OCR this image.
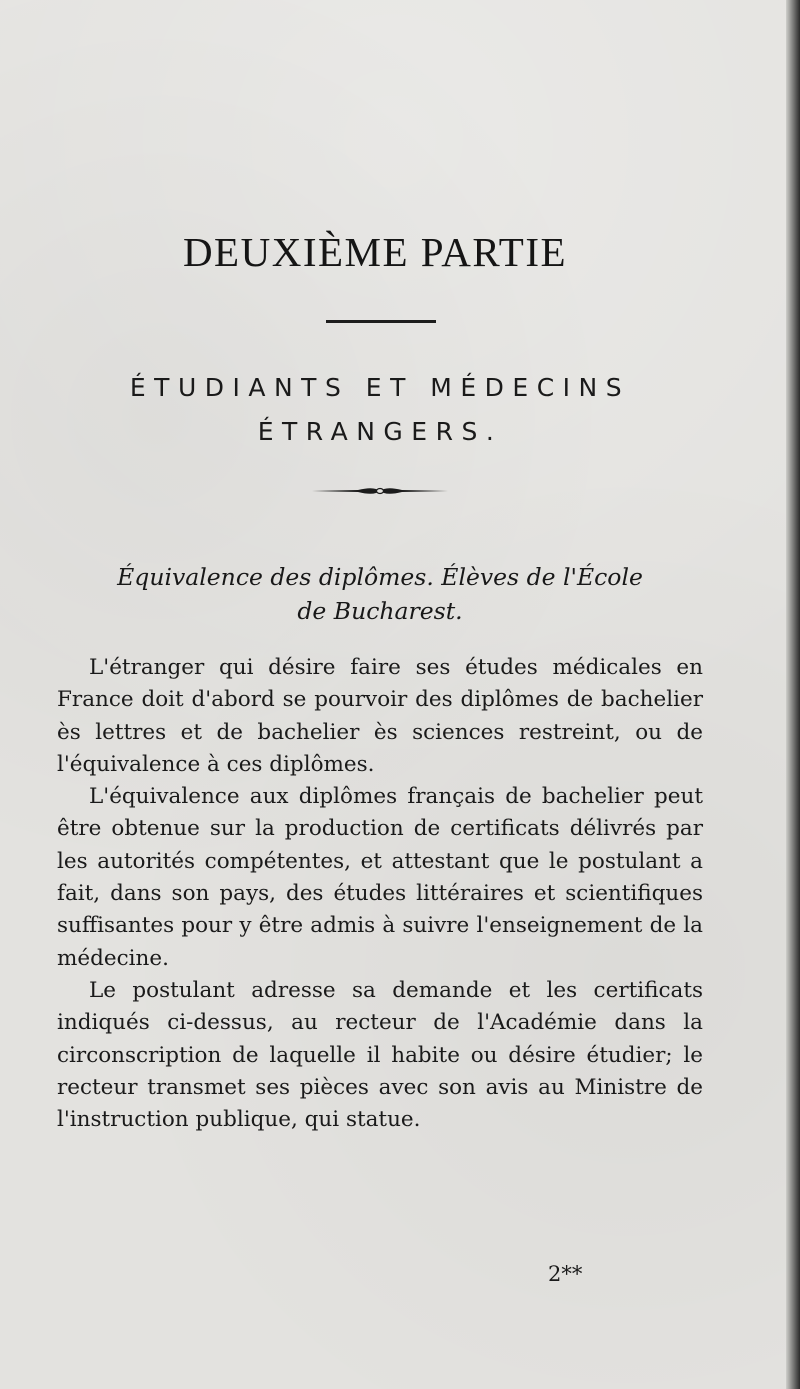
DEUXIÈME PARTIE
ÉTUDIANTS ET MÉDECINS
ÉTRANGERS.
Équivalence des diplômes. Élèves de l'École
de Bucharest.

L'étranger qui désire faire ses études médicales en France doit d'abord se pourvoir des diplômes de bachelier ès lettres et de bachelier ès sciences restreint, ou de l'équivalence à ces diplômes.

L'équivalence aux diplômes français de bachelier peut être obtenue sur la production de certificats délivrés par les autorités compétentes, et attestant que le postulant a fait, dans son pays, des études littéraires et scientifiques suffisantes pour y être admis à suivre l'enseignement de la médecine.

Le postulant adresse sa demande et les certificats indiqués ci-dessus, au recteur de l'Académie dans la circonscription de laquelle il habite ou désire étudier; le recteur transmet ses pièces avec son avis au Ministre de l'instruction publique, qui statue.

2**
